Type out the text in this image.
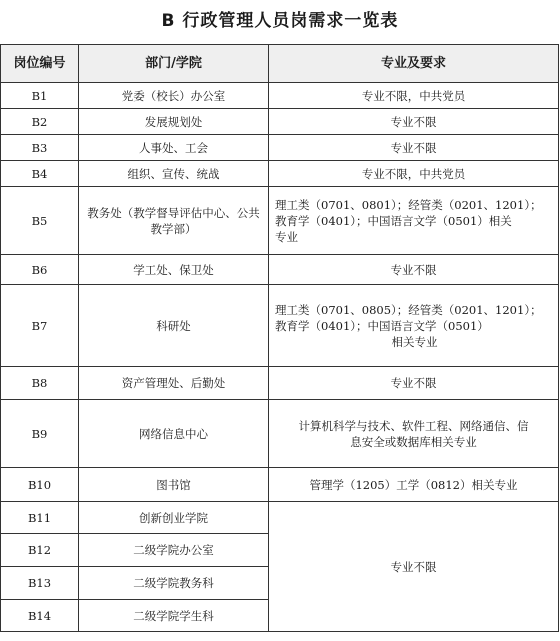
B 行政管理人员岗需求一览表
岗位编号	部门/学院	专业及要求
B1	党委（校长）办公室	专业不限，中共党员
B2	发展规划处	专业不限
B3	人事处、工会	专业不限
B4	组织、宣传、统战	专业不限，中共党员
B5	教务处（教学督导评估中心、公共教学部）	理工类（0701、0801）；经管类（0201、1201）；
教育学（0401）；中国语言文学（0501）相关
专业

B6	学工处、保卫处	专业不限
B7	科研处	理工类（0701、0805）；经管类（0201、1201）；
教育学（0401）；中国语言文学（0501）
相关专业

B8	资产管理处、后勤处	专业不限
B9	网络信息中心	计算机科学与技术、软件工程、网络通信、信
息安全或数据库相关专业

B10	图书馆	管理学（1205）工学（0812）相关专业
B11	创新创业学院	专业不限
B12	二级学院办公室	
B13	二级学院教务科	
B14	二级学院学生科	
